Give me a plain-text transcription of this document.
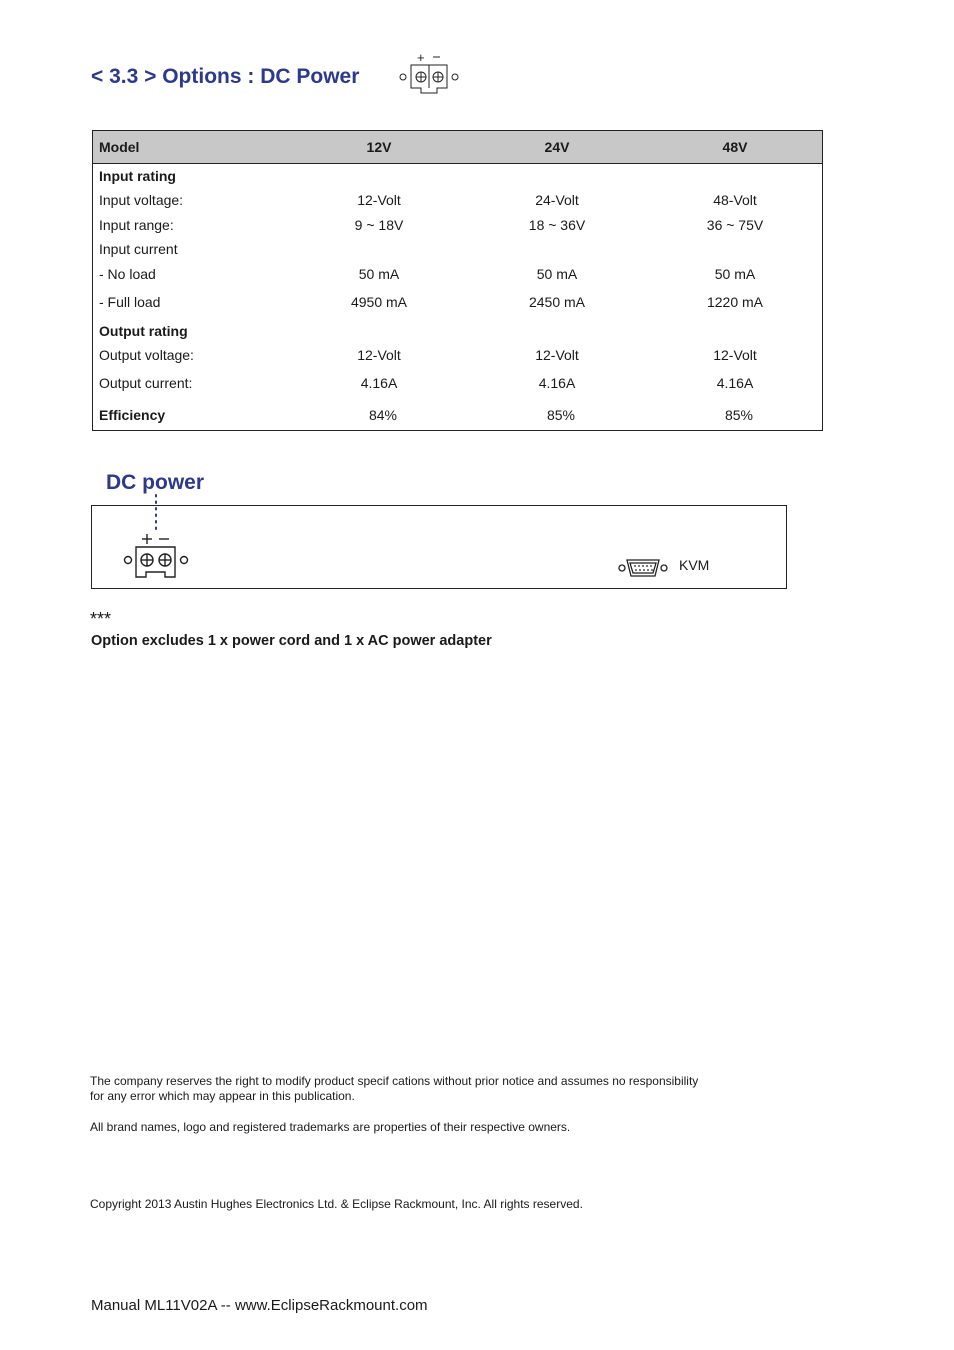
< 3.3 > Options : DC Power
+
Model	12V	24V	48V
Input rating
Input voltage:	12-Volt	24-Volt	48-Volt
Input range:	9 ~ 18V	18 ~ 36V	36 ~ 75V
Input current
- No load	50 mA	50 mA	50 mA
- Full load	4950 mA	2450 mA	1220 mA
Output rating
Output voltage:	12-Volt	12-Volt	12-Volt
Output current:	4.16A	4.16A	4.16A
Efficiency	84%	85%	85%
DC power
KVM
***
Option excludes 1 x power cord and 1 x AC power adapter
The company reserves the right to modify product specif cations without prior notice and assumes no responsibility
for any error which may appear in this publication.
All brand names, logo and registered trademarks are properties of their respective owners.
Copyright 2013 Austin Hughes Electronics Ltd. & Eclipse Rackmount, Inc. All rights reserved.
Manual ML11V02A -- www.EclipseRackmount.com
